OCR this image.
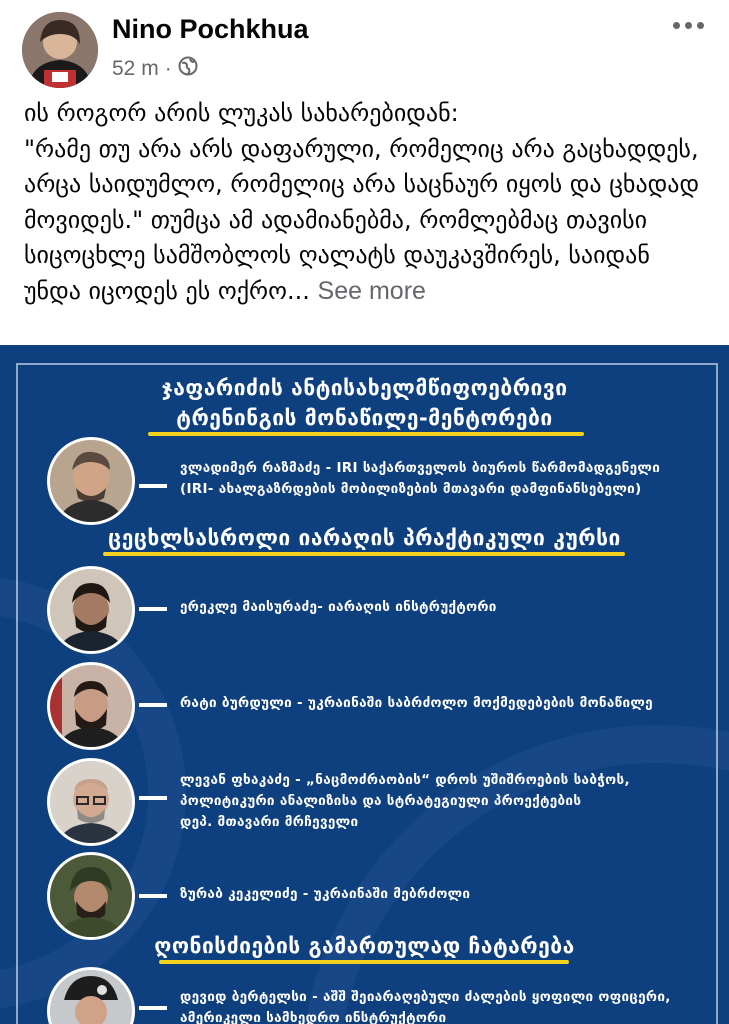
Nino Pochkhua
52 m ·
ის როგორ არის ლუკას სახარებიდან:
"რამე თუ არა არს დაფარული, რომელიც არა გაცხადდეს, არცა საიდუმლო, რომელიც არა საცნაურ იყოს და ცხადად მოვიდეს." თუმცა ამ ადამიანებმა, რომლებმაც თავისი სიცოცხლე სამშობლოს ღალატს დაუკავშირეს, საიდან უნდა იცოდეს ეს ოქრო... See more
ჯაფარიძის ანტისახელმწიფოებრივი
ტრენინგის მონაწილე-მენტორები
ვლადიმერ რაზმაძე - IRI საქართველოს ბიუროს წარმომადგენელი
(IRI- ახალგაზრდების მობილიზების მთავარი დამფინანსებელი)
ცეცხლსასროლი იარაღის პრაქტიკული კურსი
ერეკლე მაისურაძე- იარაღის ინსტრუქტორი
რატი ბურდული - უკრაინაში საბრძოლო მოქმედებების მონაწილე
ლევან ფხაკაძე - „ნაცმოძრაობის“ დროს უშიშროების საბჭოს,
პოლიტიკური ანალიზისა და სტრატეგიული პროექტების
დეპ. მთავარი მრჩეველი
ზურაბ კეკელიძე - უკრაინაში მებრძოლი
ღონისძიების გამართულად ჩატარება
დევიდ ბერტელსი - აშშ შეიარაღებული ძალების ყოფილი ოფიცერი,
ამერიკელი სამხედრო ინსტრუქტორი
